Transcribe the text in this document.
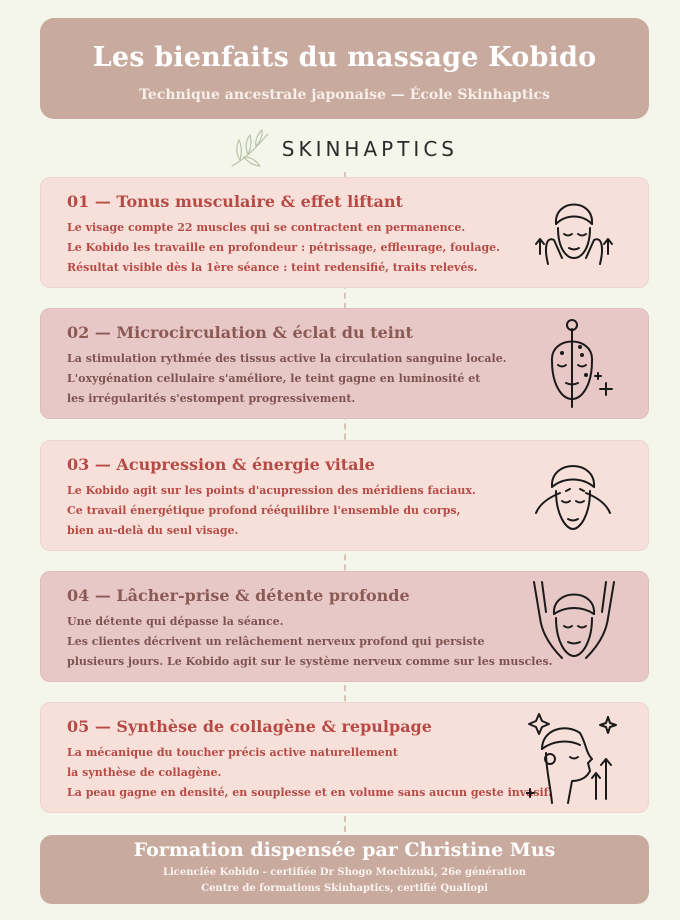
Les bienfaits du massage Kobido
Technique ancestrale japonaise — École Skinhaptics
SKINHAPTICS
01 — Tonus musculaire & effet liftant
Le visage compte 22 muscles qui se contractent en permanence.
Le Kobido les travaille en profondeur : pétrissage, effleurage, foulage.
Résultat visible dès la 1ère séance : teint redensifié, traits relevés.
02 — Microcirculation & éclat du teint
La stimulation rythmée des tissus active la circulation sanguine locale.
L'oxygénation cellulaire s'améliore, le teint gagne en luminosité et
les irrégularités s'estompent progressivement.
03 — Acupression & énergie vitale
Le Kobido agit sur les points d'acupression des méridiens faciaux.
Ce travail énergétique profond rééquilibre l'ensemble du corps,
bien au-delà du seul visage.
04 — Lâcher-prise & détente profonde
Une détente qui dépasse la séance.
Les clientes décrivent un relâchement nerveux profond qui persiste
plusieurs jours. Le Kobido agit sur le système nerveux comme sur les muscles.
05 — Synthèse de collagène & repulpage
La mécanique du toucher précis active naturellement
la synthèse de collagène.
La peau gagne en densité, en souplesse et en volume sans aucun geste invasif.
Formation dispensée par Christine Mus
Licenciée Kobido - certifiée Dr Shogo Mochizuki, 26e génération
Centre de formations Skinhaptics, certifié Qualiopi
